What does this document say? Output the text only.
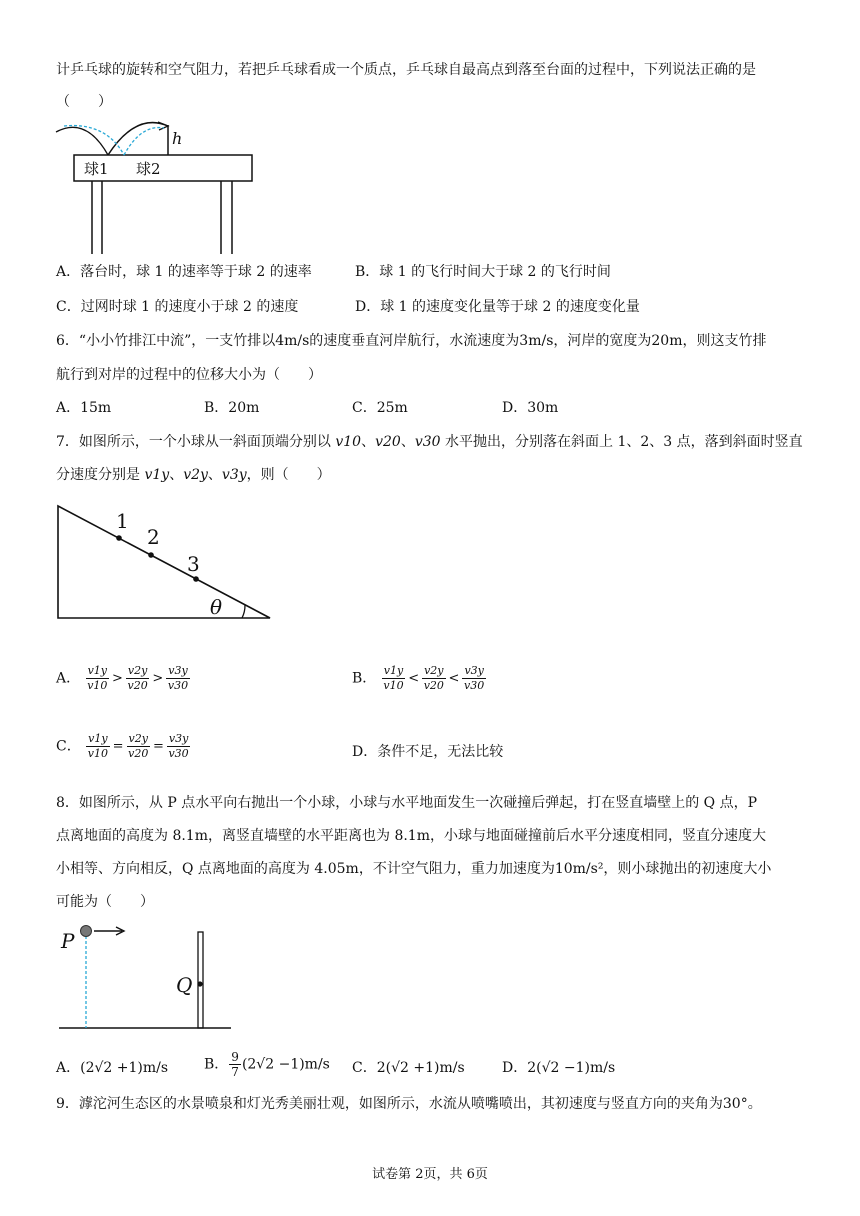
计乒乓球的旋转和空气阻力，若把乒乓球看成一个质点，乒乓球自最高点到落至台面的过程中，下列说法正确的是
（　　）
h
球1 球2
A．落台时，球 1 的速率等于球 2 的速率	B．球 1 的飞行时间大于球 2 的飞行时间
C．过网时球 1 的速度小于球 2 的速度	D．球 1 的速度变化量等于球 2 的速度变化量
6．“小小竹排江中流”，一支竹排以4m/s的速度垂直河岸航行，水流速度为3m/s，河岸的宽度为20m，则这支竹排
航行到对岸的过程中的位移大小为（　　）
A．15m	B．20m	C．25m	D．30m
7．如图所示，一个小球从一斜面顶端分别以 v10、v20、v30 水平抛出，分别落在斜面上 1、2、3 点，落到斜面时竖直
分速度分别是 v1y、v2y、v3y，则（　　）
1
2
3
θ
A． $\frac{v1y}{v10} > \frac{v2y}{v20} > \frac{v3y}{v30}$	B． $\frac{v1y}{v10} < \frac{v2y}{v20} < \frac{v3y}{v30}$
C． $\frac{v1y}{v10} = \frac{v2y}{v20} = \frac{v3y}{v30}$	D．条件不足，无法比较
8．如图所示，从 P 点水平向右抛出一个小球，小球与水平地面发生一次碰撞后弹起，打在竖直墙壁上的 Q 点，P
点离地面的高度为 8.1m，离竖直墙壁的水平距离也为 8.1m，小球与地面碰撞前后水平分速度相同，竖直分速度大
小相等、方向相反，Q 点离地面的高度为 4.05m，不计空气阻力，重力加速度为10m/s²，则小球抛出的初速度大小
可能为（　　）
P
Q
A．(2√2 +1)m/s	B． $\frac{9}{7} (2√2 -1)m/s$ C．2(√2 +1)m/s	D．2(√2 −1)m/s
9．滹沱河生态区的水景喷泉和灯光秀美丽壮观，如图所示，水流从喷嘴喷出，其初速度与竖直方向的夹角为30°。
试卷第 2页，共 6页
